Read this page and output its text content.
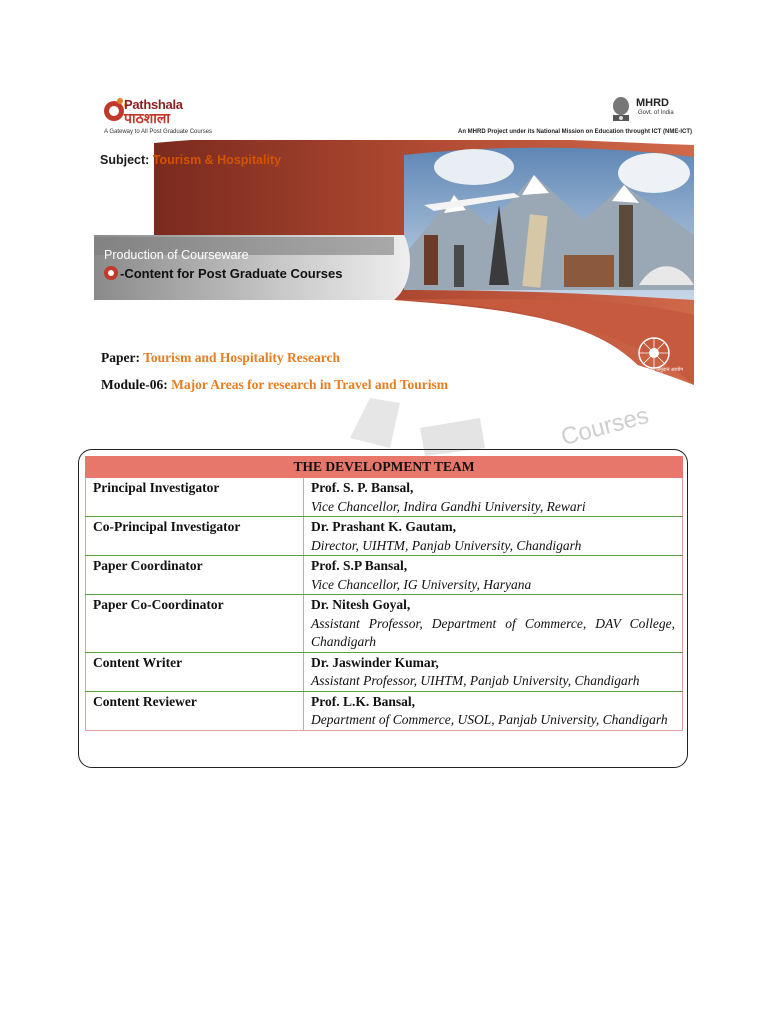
Pathshala
पाठशाला
A Gateway to All Post Graduate Courses
MHRD
Govt. of India
An MHRD Project under its National Mission on Education throught ICT (NME-ICT)
Subject: Tourism & Hospitality
Production of Courseware
-Content for Post Graduate Courses
विश्वविद्यालय अनुदान आयोग
Paper: Tourism and Hospitality Research
Module-06: Major Areas for research in Travel and Tourism
Courses
THE DEVELOPMENT TEAM	
Principal Investigator	Prof. S. P. Bansal,
Vice Chancellor, Indira Gandhi University, Rewari

Co-Principal Investigator	Dr. Prashant K. Gautam,
Director, UIHTM, Panjab University, Chandigarh

Paper Coordinator	Prof. S.P Bansal,
Vice Chancellor, IG University, Haryana

Paper Co-Coordinator	Dr. Nitesh Goyal,
Assistant Professor, Department of Commerce, DAV College, Chandigarh

Content Writer	Dr. Jaswinder Kumar,
Assistant Professor, UIHTM, Panjab University, Chandigarh

Content Reviewer	Prof. L.K. Bansal,
Department of Commerce, USOL, Panjab University, Chandigarh
